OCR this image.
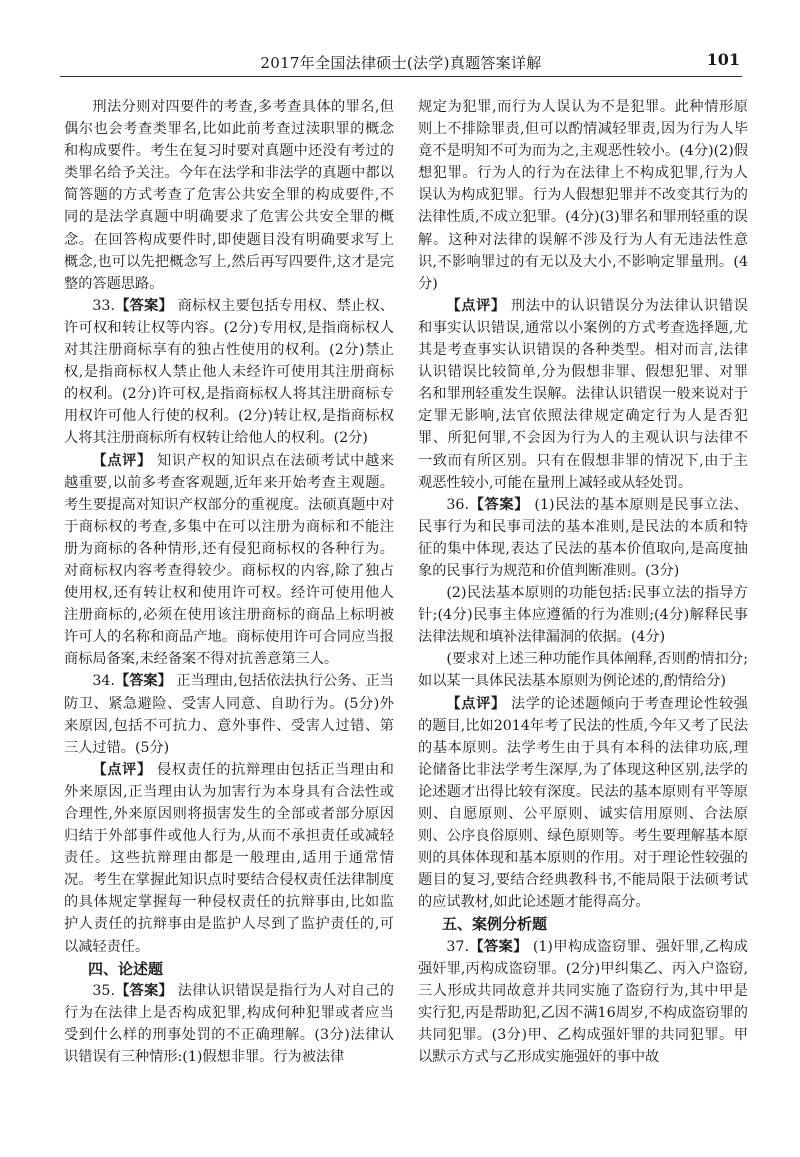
2017年全国法律硕士(法学)真题答案详解	101

刑法分则对四要件的考查,多考查具体的罪名,但偶尔也会考查类罪名,比如此前考查过渎职罪的概念和构成要件。考生在复习时要对真题中还没有考过的类罪名给予关注。今年在法学和非法学的真题中都以简答题的方式考查了危害公共安全罪的构成要件,不同的是法学真题中明确要求了危害公共安全罪的概念。在回答构成要件时,即使题目没有明确要求写上概念,也可以先把概念写上,然后再写四要件,这才是完整的答题思路。

33.【答案】 商标权主要包括专用权、禁止权、许可权和转让权等内容。(2分)专用权,是指商标权人对其注册商标享有的独占性使用的权利。(2分)禁止权,是指商标权人禁止他人未经许可使用其注册商标的权利。(2分)许可权,是指商标权人将其注册商标专用权许可他人行使的权利。(2分)转让权,是指商标权人将其注册商标所有权转让给他人的权利。(2分)

【点评】 知识产权的知识点在法硕考试中越来越重要,以前多考查客观题,近年来开始考查主观题。考生要提高对知识产权部分的重视度。法硕真题中对于商标权的考查,多集中在可以注册为商标和不能注册为商标的各种情形,还有侵犯商标权的各种行为。对商标权内容考查得较少。商标权的内容,除了独占使用权,还有转让权和使用许可权。经许可使用他人注册商标的,必须在使用该注册商标的商品上标明被许可人的名称和商品产地。商标使用许可合同应当报商标局备案,未经备案不得对抗善意第三人。

34.【答案】 正当理由,包括依法执行公务、正当防卫、紧急避险、受害人同意、自助行为。(5分)外来原因,包括不可抗力、意外事件、受害人过错、第三人过错。(5分)

【点评】 侵权责任的抗辩理由包括正当理由和外来原因,正当理由认为加害行为本身具有合法性或合理性,外来原因则将损害发生的全部或者部分原因归结于外部事件或他人行为,从而不承担责任或减轻责任。这些抗辩理由都是一般理由,适用于通常情况。考生在掌握此知识点时要结合侵权责任法律制度的具体规定掌握每一种侵权责任的抗辩事由,比如监护人责任的抗辩事由是监护人尽到了监护责任的,可以减轻责任。

四、论述题

35.【答案】 法律认识错误是指行为人对自己的行为在法律上是否构成犯罪,构成何种犯罪或者应当受到什么样的刑事处罚的不正确理解。(3分)法律认识错误有三种情形:(1)假想非罪。行为被法律

规定为犯罪,而行为人误认为不是犯罪。此种情形原则上不排除罪责,但可以酌情减轻罪责,因为行为人毕竟不是明知不可为而为之,主观恶性较小。(4分)(2)假想犯罪。行为人的行为在法律上不构成犯罪,行为人误认为构成犯罪。行为人假想犯罪并不改变其行为的法律性质,不成立犯罪。(4分)(3)罪名和罪刑轻重的误解。这种对法律的误解不涉及行为人有无违法性意识,不影响罪过的有无以及大小,不影响定罪量刑。(4分)

【点评】 刑法中的认识错误分为法律认识错误和事实认识错误,通常以小案例的方式考查选择题,尤其是考查事实认识错误的各种类型。相对而言,法律认识错误比较简单,分为假想非罪、假想犯罪、对罪名和罪刑轻重发生误解。法律认识错误一般来说对于定罪无影响,法官依照法律规定确定行为人是否犯罪、所犯何罪,不会因为行为人的主观认识与法律不一致而有所区别。只有在假想非罪的情况下,由于主观恶性较小,可能在量刑上减轻或从轻处罚。

36.【答案】 (1)民法的基本原则是民事立法、民事行为和民事司法的基本准则,是民法的本质和特征的集中体现,表达了民法的基本价值取向,是高度抽象的民事行为规范和价值判断准则。(3分)

(2)民法基本原则的功能包括:民事立法的指导方针;(4分)民事主体应遵循的行为准则;(4分)解释民事法律法规和填补法律漏洞的依据。(4分)

(要求对上述三种功能作具体阐释,否则酌情扣分;如以某一具体民法基本原则为例论述的,酌情给分)

【点评】 法学的论述题倾向于考查理论性较强的题目,比如2014年考了民法的性质,今年又考了民法的基本原则。法学考生由于具有本科的法律功底,理论储备比非法学考生深厚,为了体现这种区别,法学的论述题才出得比较有深度。民法的基本原则有平等原则、自愿原则、公平原则、诚实信用原则、合法原则、公序良俗原则、绿色原则等。考生要理解基本原则的具体体现和基本原则的作用。对于理论性较强的题目的复习,要结合经典教科书,不能局限于法硕考试的应试教材,如此论述题才能得高分。

五、案例分析题

37.【答案】 (1)甲构成盗窃罪、强奸罪,乙构成强奸罪,丙构成盗窃罪。(2分)甲纠集乙、丙入户盗窃,三人形成共同故意并共同实施了盗窃行为,其中甲是实行犯,丙是帮助犯,乙因不满16周岁,不构成盗窃罪的共同犯罪。(3分)甲、乙构成强奸罪的共同犯罪。甲以默示方式与乙形成实施强奸的事中故
